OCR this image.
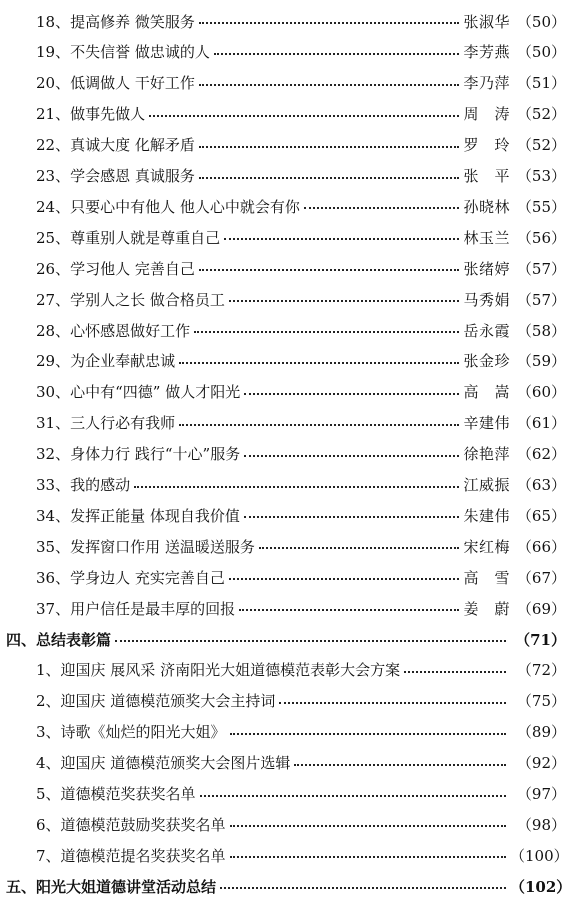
18、提高修养 微笑服务	张淑华 （50）
19、不失信誉 做忠诚的人	李芳燕 （50）
20、低调做人 干好工作	李乃萍 （51）
21、做事先做人	周　涛 （52）
22、真诚大度 化解矛盾	罗　玲 （52）
23、学会感恩 真诚服务	张　平 （53）
24、只要心中有他人 他人心中就会有你	孙晓林 （55）
25、尊重别人就是尊重自己	林玉兰 （56）
26、学习他人 完善自己	张绪婷 （57）
27、学别人之长 做合格员工	马秀娟 （57）
28、心怀感恩做好工作	岳永霞 （58）
29、为企业奉献忠诚	张金珍 （59）
30、心中有“四德” 做人才阳光	高　嵩 （60）
31、三人行必有我师	辛建伟 （61）
32、身体力行 践行“十心”服务	徐艳萍 （62）
33、我的感动	江威振 （63）
34、发挥正能量 体现自我价值	朱建伟 （65）
35、发挥窗口作用 送温暖送服务	宋红梅 （66）
36、学身边人 充实完善自己	高　雪 （67）
37、用户信任是最丰厚的回报	姜　蔚 （69）
四、总结表彰篇	（71）
1、迎国庆 展风采 济南阳光大姐道德模范表彰大会方案	（72）
2、迎国庆 道德模范颁奖大会主持词	（75）
3、诗歌《灿烂的阳光大姐》	（89）
4、迎国庆 道德模范颁奖大会图片选辑	（92）
5、道德模范奖获奖名单	（97）
6、道德模范鼓励奖获奖名单	（98）
7、道德模范提名奖获奖名单	（100）
五、阳光大姐道德讲堂活动总结	（102）
